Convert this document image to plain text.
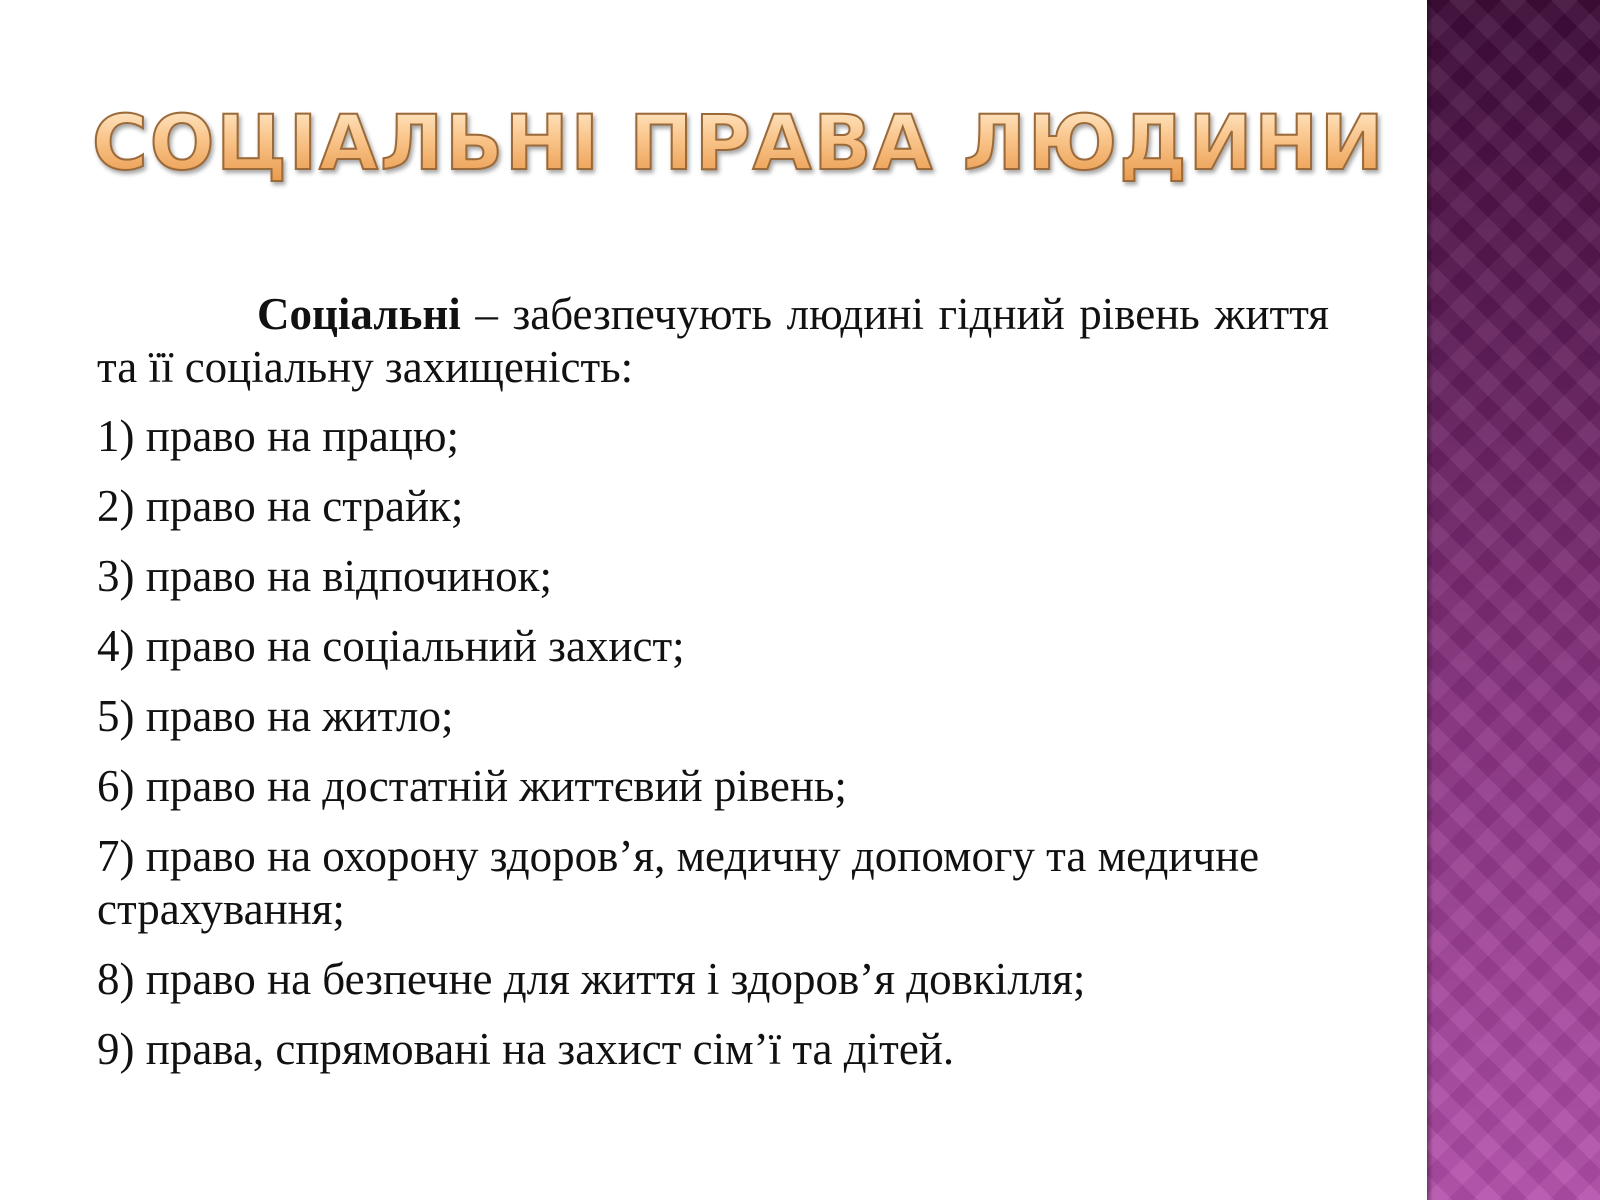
СОЦІАЛЬНІ ПРАВА ЛЮДИНИ

Соціальні – забезпечують людині гідний рівень життя та її соціальну захищеність:

1) право на працю;
2) право на страйк;
3) право на відпочинок;
4) право на соціальний захист;
5) право на житло;
6) право на достатній життєвий рівень;
7) право на охорону здоров’я, медичну допомогу та медичне страхування;
8) право на безпечне для життя і здоров’я довкілля;
9) права, спрямовані на захист сім’ї та дітей.
